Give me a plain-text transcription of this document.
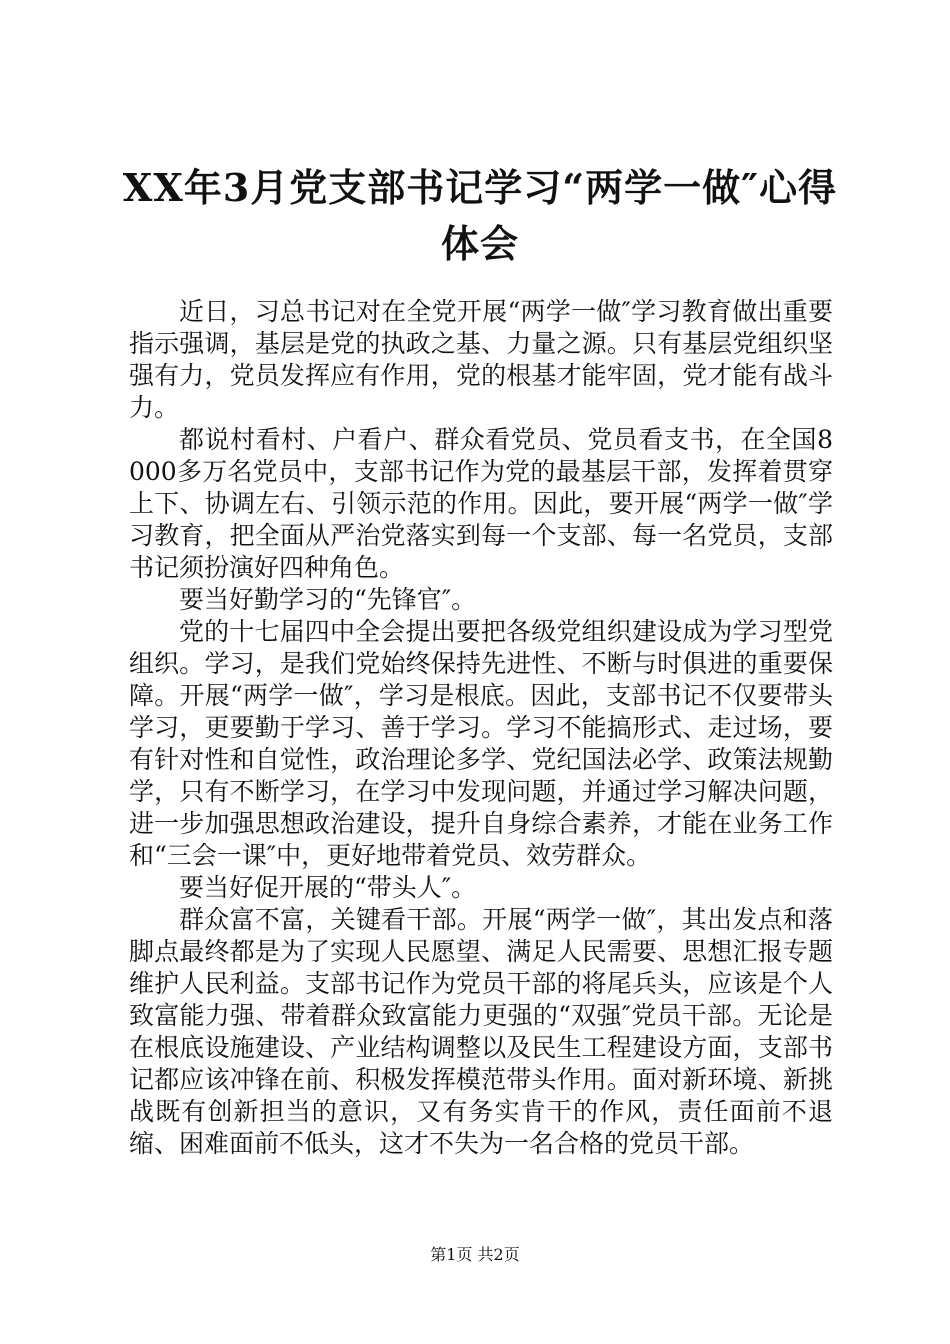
XX年3月党支部书记学习“两学一做″心得体会

近日，习总书记对在全党开展“两学一做″学习教育做出重要指示强调，基层是党的执政之基、力量之源。只有基层党组织坚强有力，党员发挥应有作用，党的根基才能牢固，党才能有战斗力。

都说村看村、户看户、群众看党员、党员看支书，在全国8000多万名党员中，支部书记作为党的最基层干部，发挥着贯穿上下、协调左右、引领示范的作用。因此，要开展“两学一做″学习教育，把全面从严治党落实到每一个支部、每一名党员，支部书记须扮演好四种角色。

要当好勤学习的“先锋官″。

党的十七届四中全会提出要把各级党组织建设成为学习型党组织。学习，是我们党始终保持先进性、不断与时俱进的重要保障。开展“两学一做″，学习是根底。因此，支部书记不仅要带头学习，更要勤于学习、善于学习。学习不能搞形式、走过场，要有针对性和自觉性，政治理论多学、党纪国法必学、政策法规勤学，只有不断学习，在学习中发现问题，并通过学习解决问题，进一步加强思想政治建设，提升自身综合素养，才能在业务工作和“三会一课″中，更好地带着党员、效劳群众。

要当好促开展的“带头人″。

群众富不富，关键看干部。开展“两学一做″，其出发点和落脚点最终都是为了实现人民愿望、满足人民需要、思想汇报专题维护人民利益。支部书记作为党员干部的将尾兵头，应该是个人致富能力强、带着群众致富能力更强的“双强″党员干部。无论是在根底设施建设、产业结构调整以及民生工程建设方面，支部书记都应该冲锋在前、积极发挥模范带头作用。面对新环境、新挑战既有创新担当的意识，又有务实肯干的作风，责任面前不退缩、困难面前不低头，这才不失为一名合格的党员干部。

第1页 共2页
